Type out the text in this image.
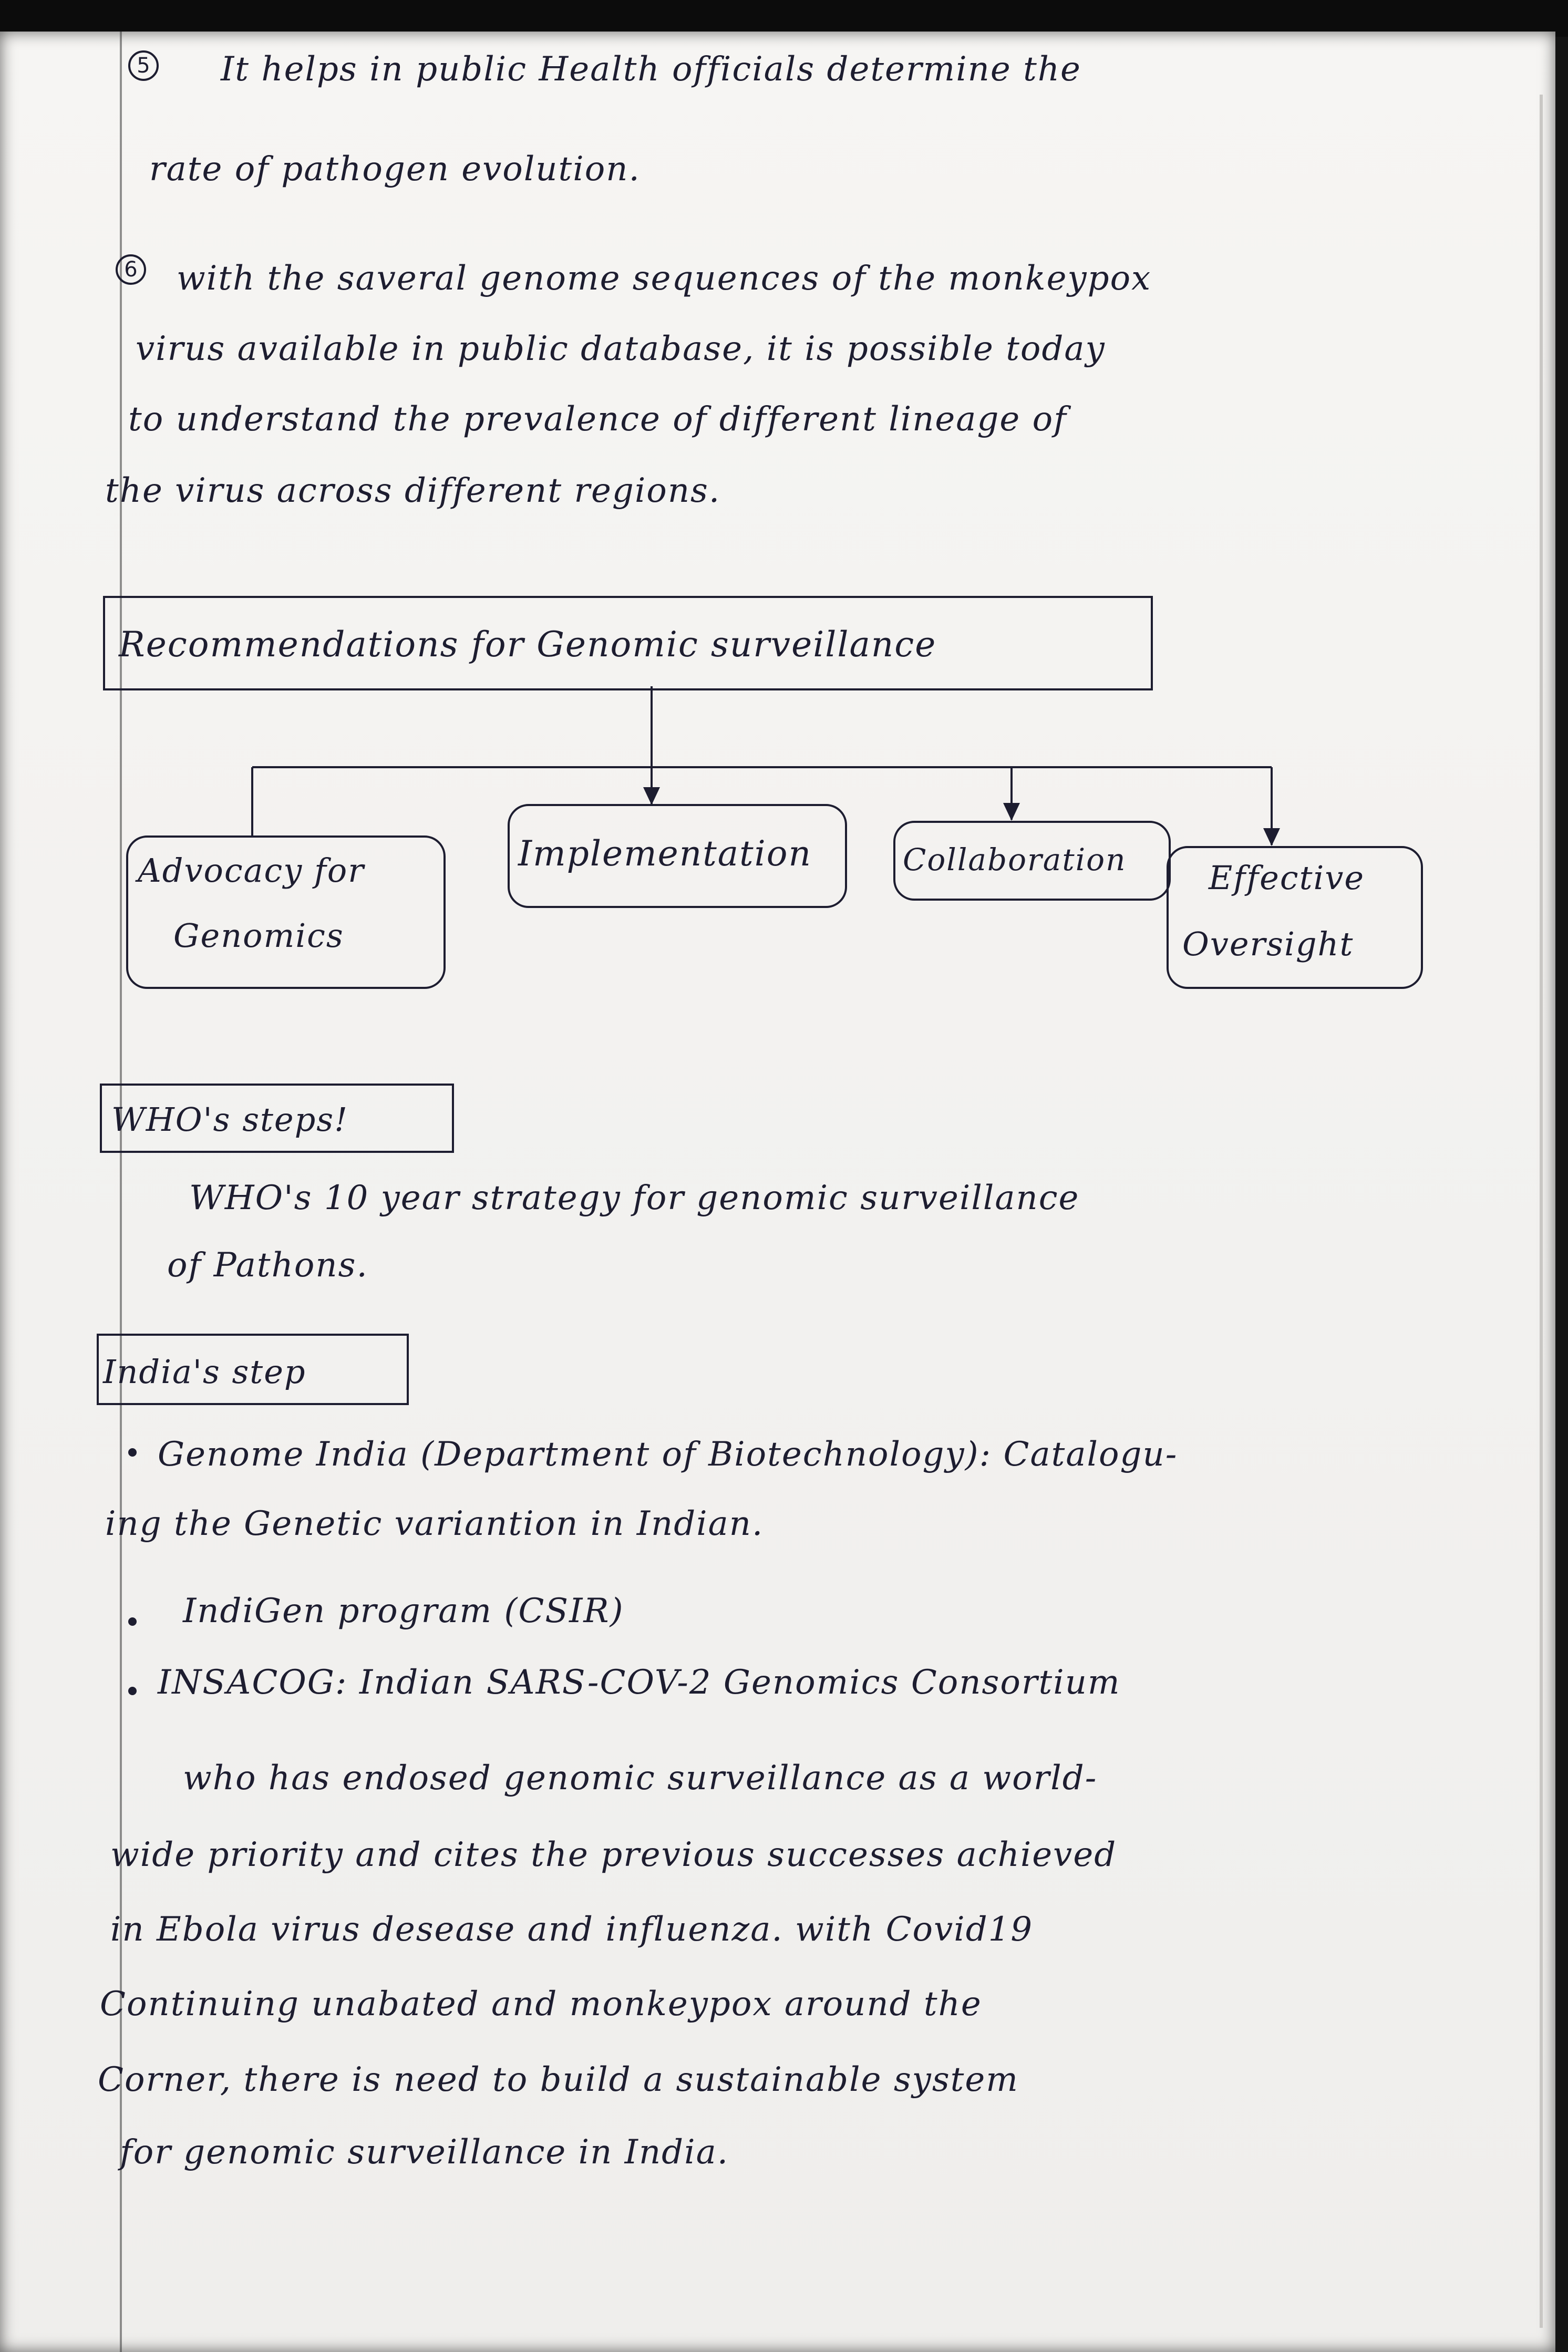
5 It helps in public Health officials determine the
rate of pathogen evolution.
6 with the saveral genome sequences of the monkeypox
virus available in public database, it is possible today
to understand the prevalence of different lineage of
the virus across different regions.
Recommendations for Genomic surveillance
Advocacy for
Genomics
Implementation	Collaboration	Effective
Oversight
WHO's steps!
WHO's 10 year strategy for genomic surveillance
of Pathons.
India's step
Genome India (Department of Biotechnology): Catalogu-
ing the Genetic variantion in Indian.
IndiGen program (CSIR)
INSACOG: Indian SARS-COV-2 Genomics Consortium
who has endosed genomic surveillance as a world-
wide priority and cites the previous successes achieved
in Ebola virus desease and influenza. with Covid19
Continuing unabated and monkeypox around the
Corner, there is need to build a sustainable system
for genomic surveillance in India.
